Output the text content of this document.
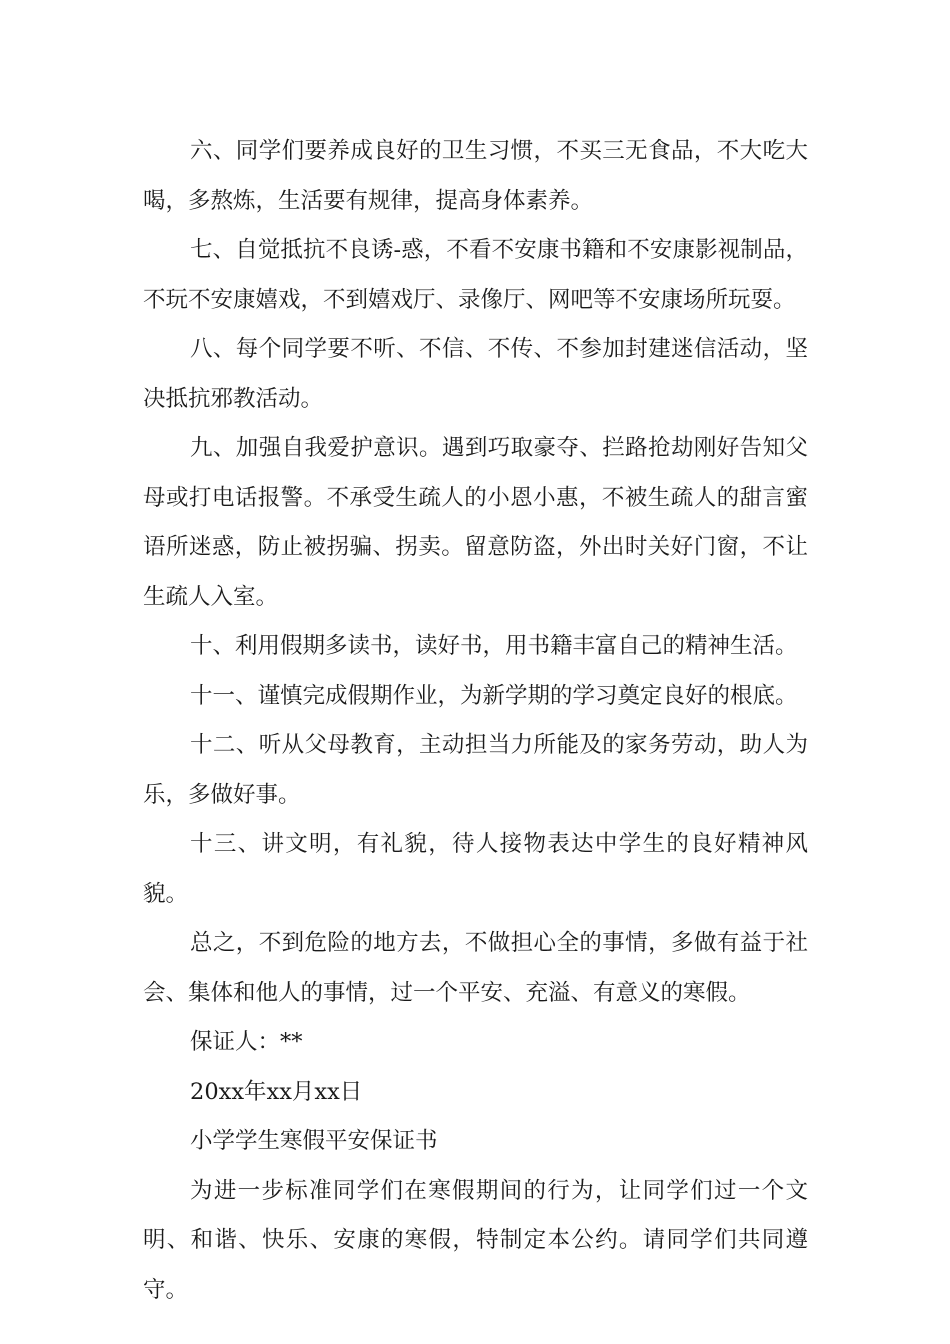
六、同学们要养成良好的卫生习惯，不买三无食品，不大吃大喝，多熬炼，生活要有规律，提高身体素养。

七、自觉抵抗不良诱-惑，不看不安康书籍和不安康影视制品，不玩不安康嬉戏，不到嬉戏厅、录像厅、网吧等不安康场所玩耍。

八、每个同学要不听、不信、不传、不参加封建迷信活动，坚决抵抗邪教活动。

九、加强自我爱护意识。遇到巧取豪夺、拦路抢劫刚好告知父母或打电话报警。不承受生疏人的小恩小惠，不被生疏人的甜言蜜语所迷惑，防止被拐骗、拐卖。留意防盗，外出时关好门窗，不让生疏人入室。

十、利用假期多读书，读好书，用书籍丰富自己的精神生活。

十一、谨慎完成假期作业，为新学期的学习奠定良好的根底。

十二、听从父母教育，主动担当力所能及的家务劳动，助人为乐，多做好事。

十三、讲文明，有礼貌，待人接物表达中学生的良好精神风貌。

总之，不到危险的地方去，不做担心全的事情，多做有益于社会、集体和他人的事情，过一个平安、充溢、有意义的寒假。

保证人：**

20xx年xx月xx日

小学学生寒假平安保证书

为进一步标准同学们在寒假期间的行为，让同学们过一个文明、和谐、快乐、安康的寒假，特制定本公约。请同学们共同遵守。
